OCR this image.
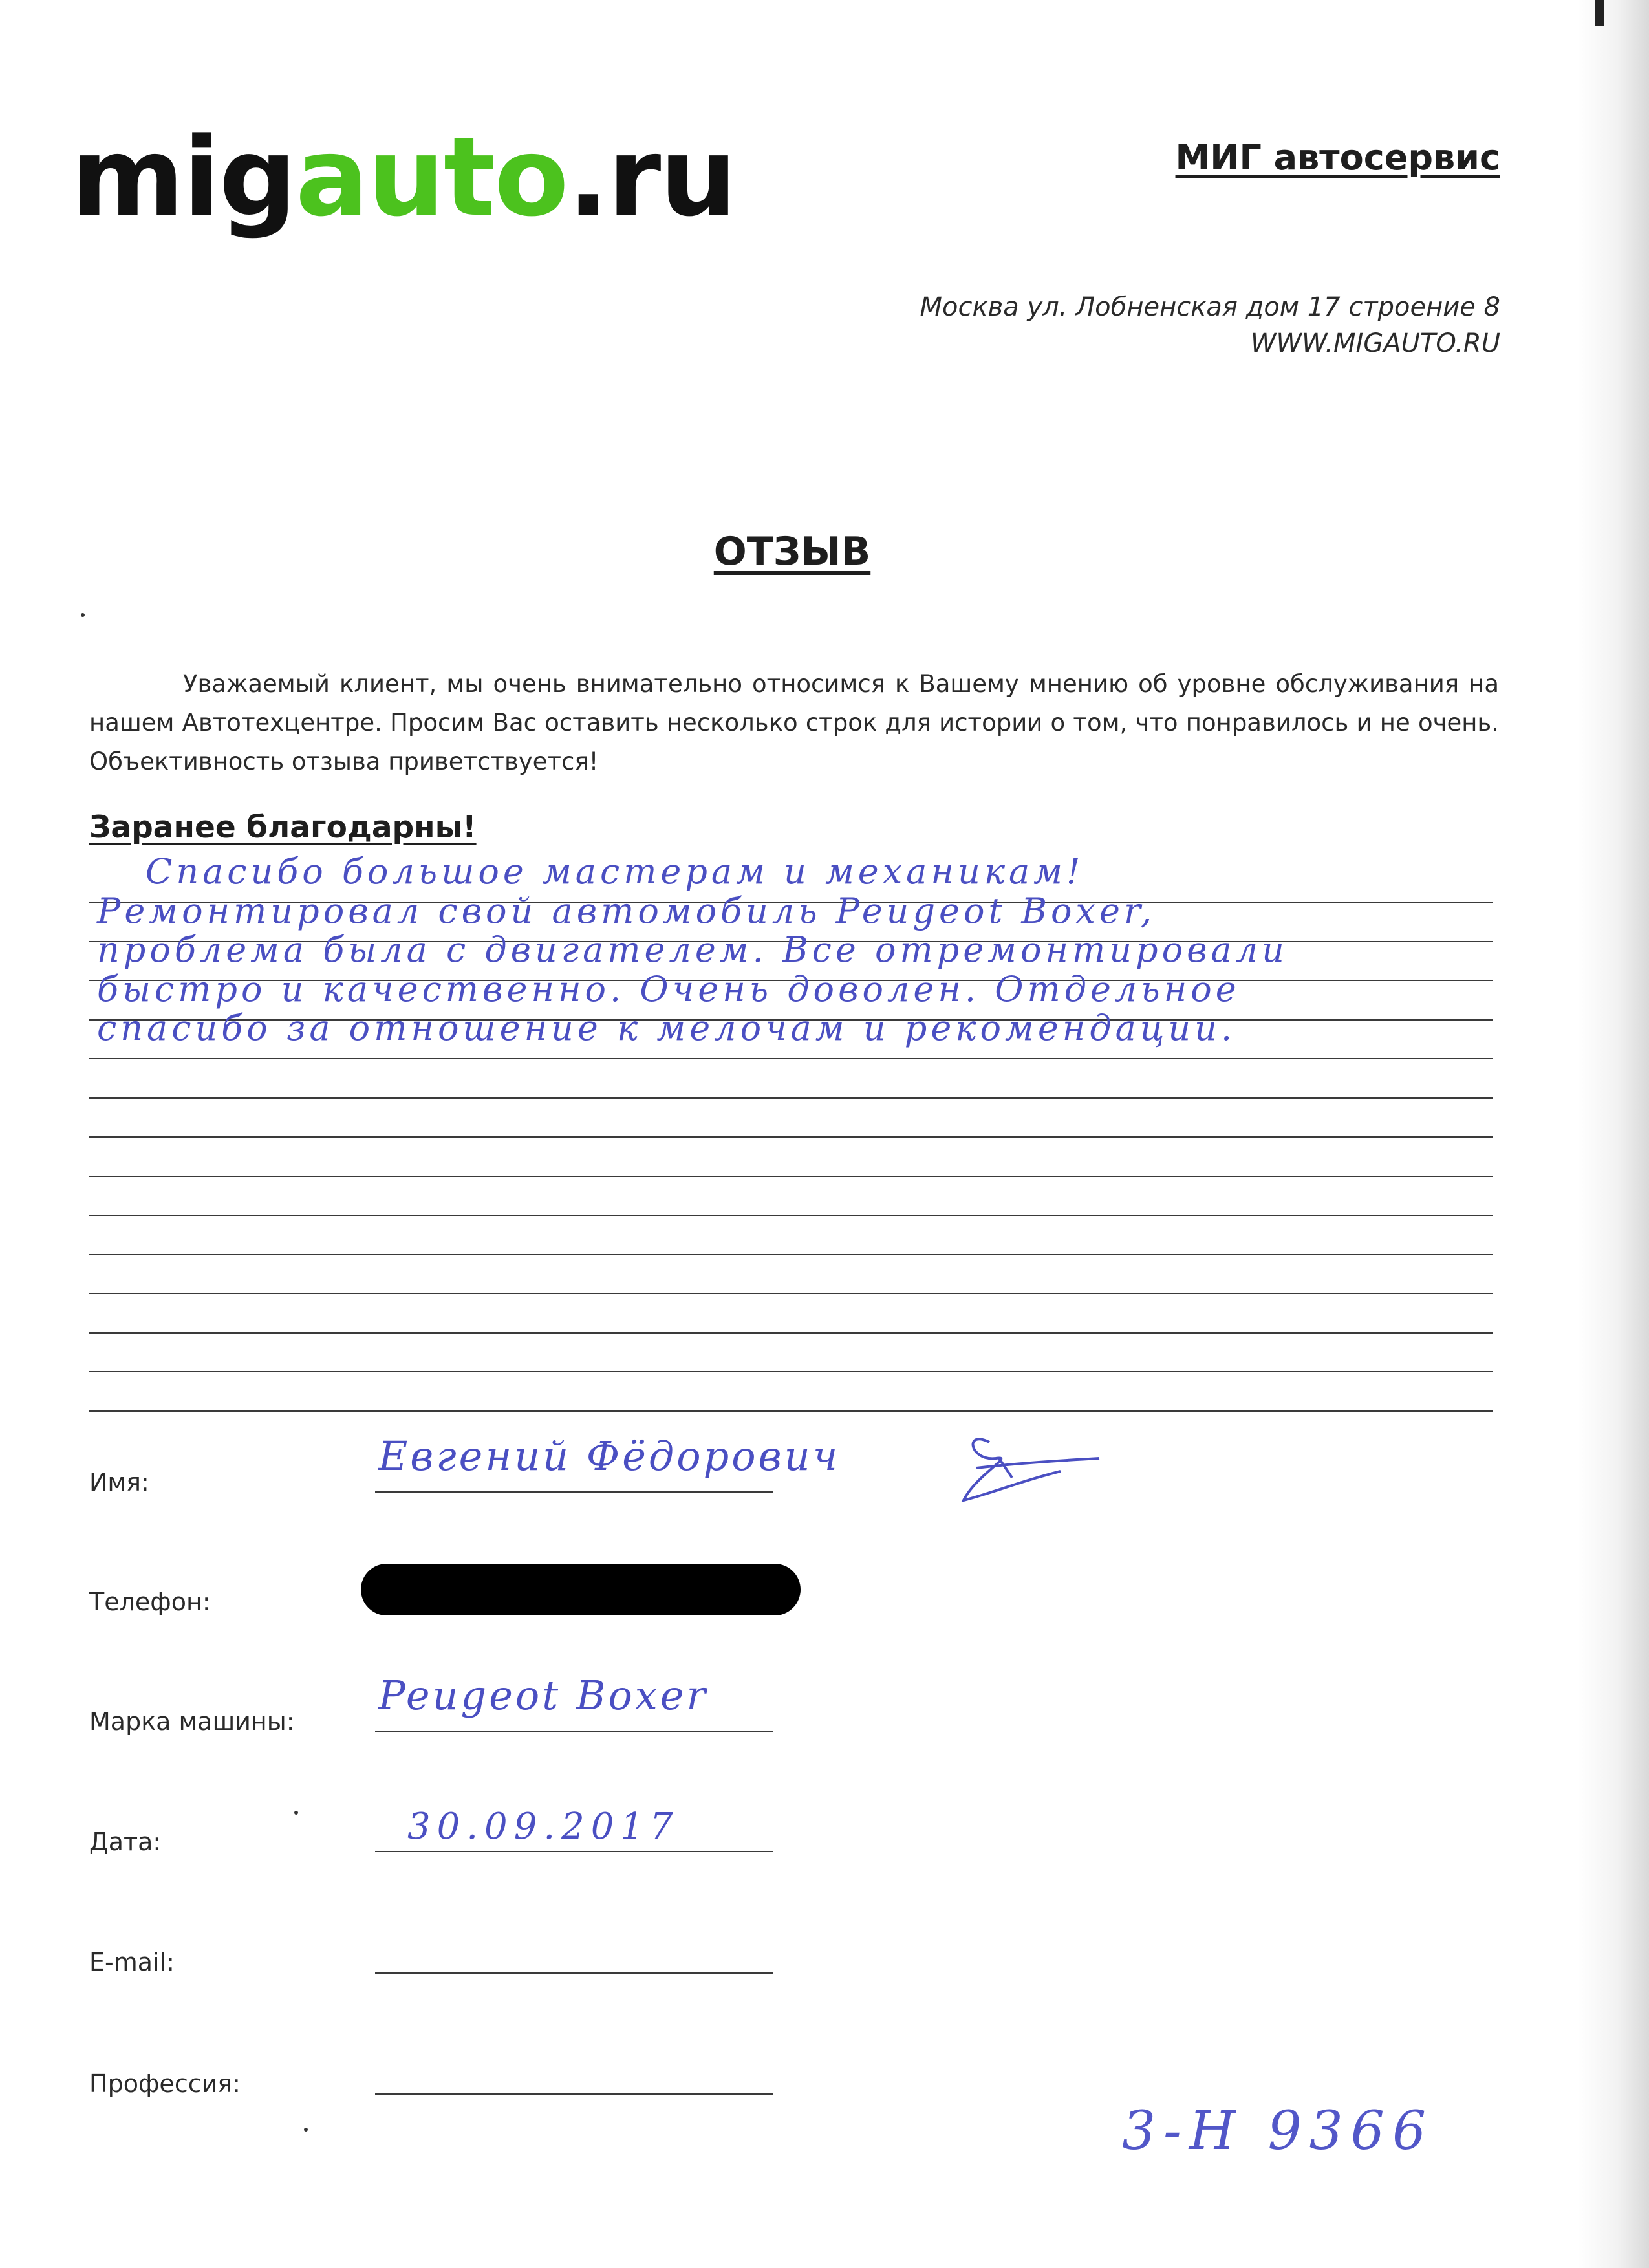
migauto.ru	МИГ автосервис
Москва ул. Лобненская дом 17 строение 8
WWW.MIGAUTO.RU
ОТЗЫВ
Уважаемый клиент, мы очень внимательно относимся к Вашему мнению об уровне обслуживания на нашем Автотехцентре. Просим Вас оставить несколько строк для истории о том, что понравилось и не очень. Объективность отзыва приветствуется!
Заранее благодарны!
Спасибо большое мастерам и механикам!
Ремонтировал свой автомобиль Peugeot Boxer,
проблема была с двигателем. Все отремонтировали
быстро и качественно. Очень доволен. Отдельное
спасибо за отношение к мелочам и рекомендации.
Имя:
Евгений Фёдорович
Телефон:
Марка машины:
Peugeot Boxer
Дата:	30.09.2017
E-mail:
Профессия:
3-Н 9366
